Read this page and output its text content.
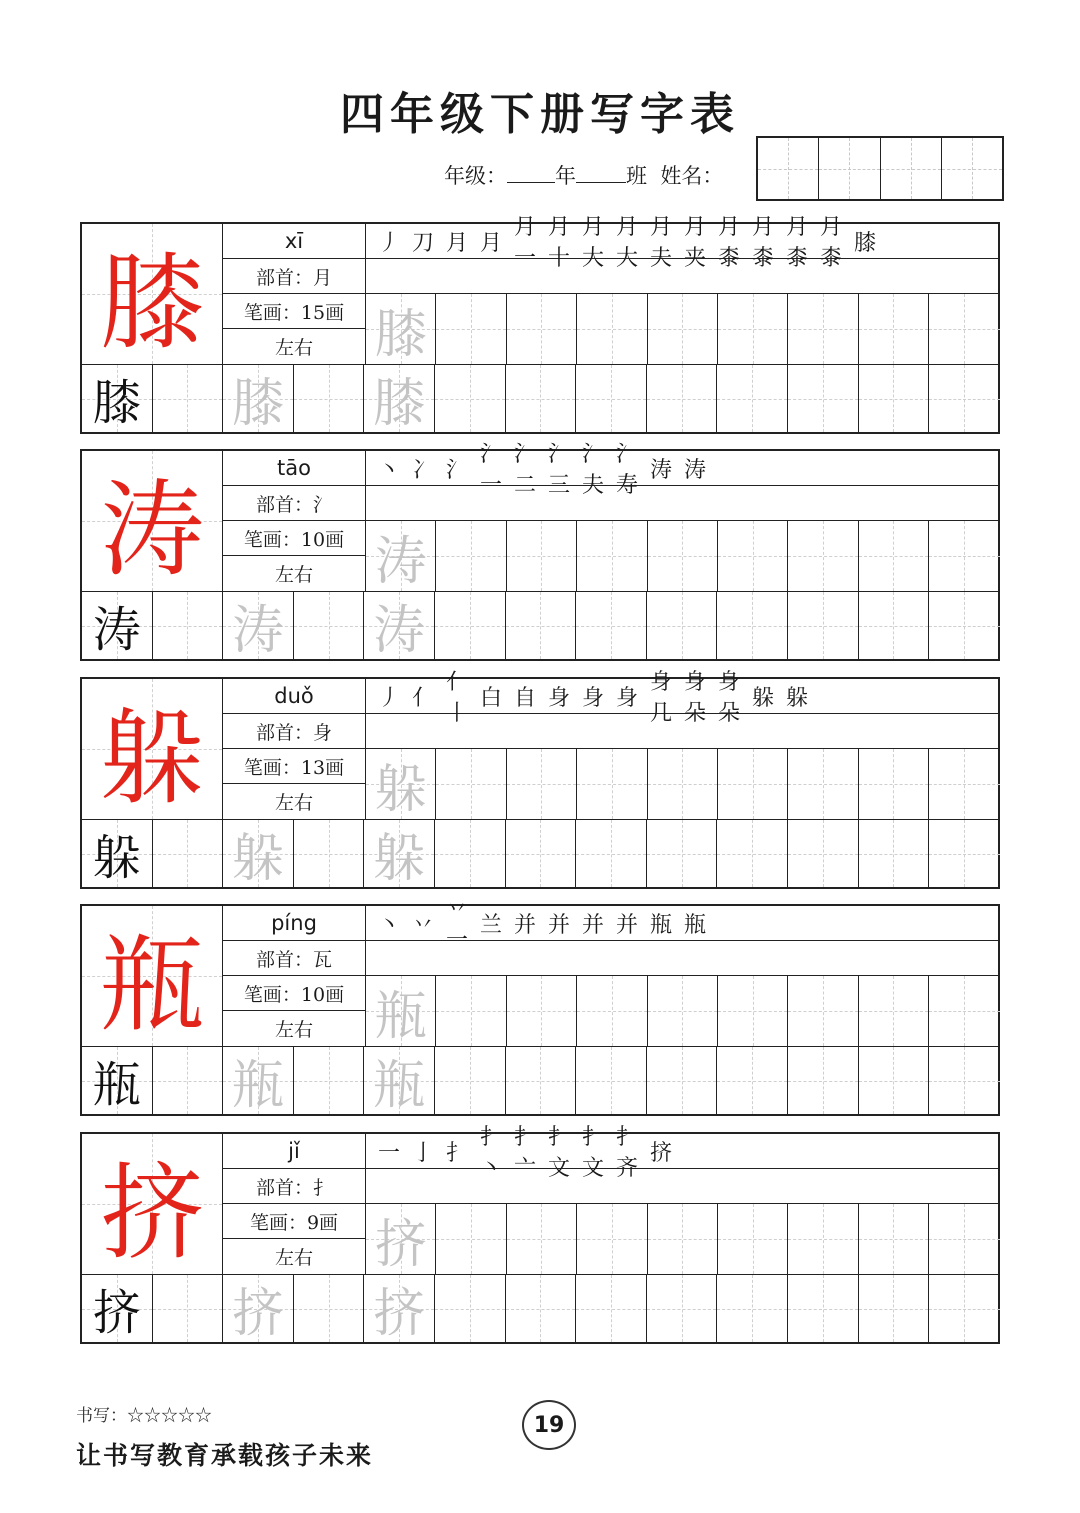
四年级下册写字表
年级： 年 班 姓名：
膝
xī
部首：月
笔画：15画
左右
丿 刀 月 月
月一
月十
月大
月大
月夫
月夹
月桼
月桼
月桼
月桼
膝
膝
膝 膝 膝
涛
tāo
部首：氵
笔画：10画
左右
丶 冫 氵
氵一
氵二
氵三
氵夫
氵寿
涛 涛
涛
涛 涛 涛
躲
duǒ
部首：身
笔画：13画
左右
丿 亻
亻丨
白 自 身 身 身
身几
身朵
身朵
躲 躲
躲
躲 躲 躲
瓶
píng
部首：瓦
笔画：10画
左右
丶 丷
丷一
兰 并 并 并 并 瓶 瓶
瓶
瓶 瓶 瓶
挤
jǐ
部首：扌
笔画：9画
左右
一 亅 扌
扌丶
扌亠
扌文
扌文
扌齐
挤
挤
挤 挤 挤
书写：☆☆☆☆☆
让书写教育承载孩子未来
19
